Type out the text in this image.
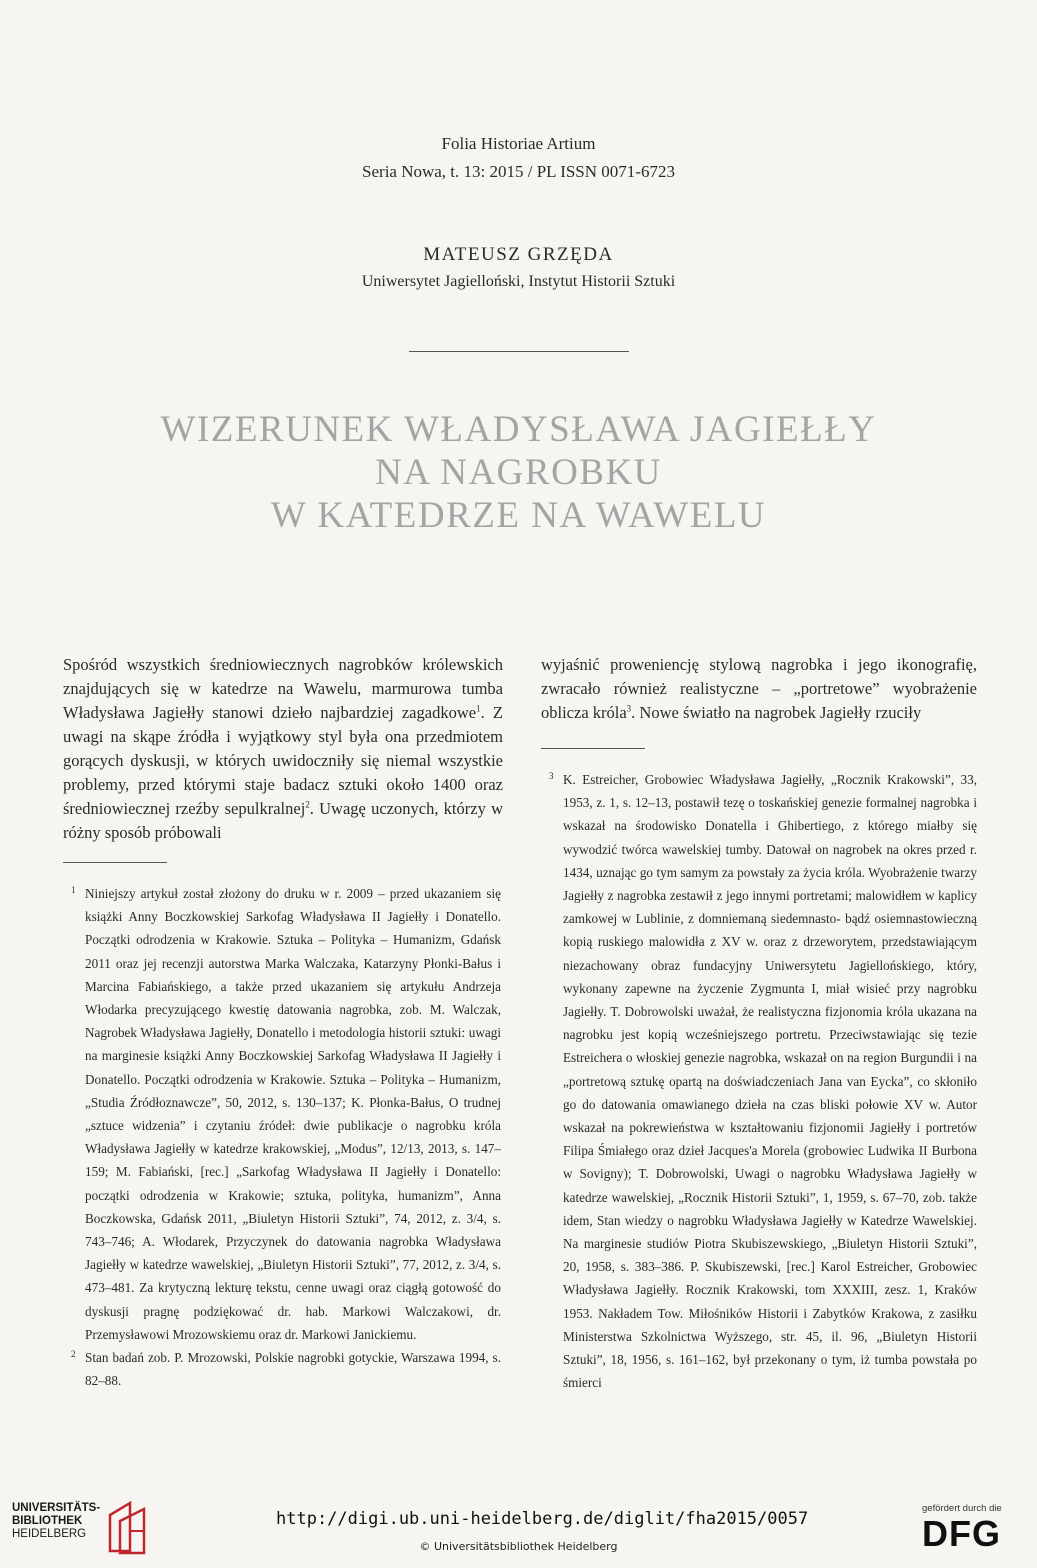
Folia Historiae Artium
Seria Nowa, t. 13: 2015 / PL ISSN 0071-6723
MATEUSZ GRZĘDA
Uniwersytet Jagielloński, Instytut Historii Sztuki
WIZERUNEK WŁADYSŁAWA JAGIEŁŁY
NA NAGROBKU
W KATEDRZE NA WAWELU
Spośród wszystkich średniowiecznych nagrobków królewskich znajdujących się w katedrze na Wawelu, marmurowa tumba Władysława Jagiełły stanowi dzieło najbardziej zagadkowe$^1$. Z uwagi na skąpe źródła i wyjątkowy styl była ona przedmiotem gorących dyskusji, w których uwidoczniły się niemal wszystkie problemy, przed którymi staje badacz sztuki około 1400 oraz średniowiecznej rzeźby sepulkralnej$^2$. Uwagę uczonych, którzy w różny sposób próbowali
wyjaśnić proweniencję stylową nagrobka i jego ikonografię, zwracało również realistyczne – „portretowe” wyobrażenie oblicza króla$^3$. Nowe światło na nagrobek Jagiełły rzuciły
1 Niniejszy artykuł został złożony do druku w r. 2009 – przed ukazaniem się książki Anny Boczkowskiej Sarkofag Władysława II Jagiełły i Donatello. Początki odrodzenia w Krakowie. Sztuka – Polityka – Humanizm, Gdańsk 2011 oraz jej recenzji autorstwa Marka Walczaka, Katarzyny Płonki-Bałus i Marcina Fabiańskiego, a także przed ukazaniem się artykułu Andrzeja Włodarka precyzującego kwestię datowania nagrobka, zob. M. Walczak, Nagrobek Władysława Jagiełły, Donatello i metodologia historii sztuki: uwagi na marginesie książki Anny Boczkowskiej Sarkofag Władysława II Jagiełły i Donatello. Początki odrodzenia w Krakowie. Sztuka – Polityka – Humanizm, „Studia Źródłoznawcze”, 50, 2012, s. 130–137; K. Płonka-Bałus, O trudnej „sztuce widzenia” i czytaniu źródeł: dwie publikacje o nagrobku króla Władysława Jagiełły w katedrze krakowskiej, „Modus”, 12/13, 2013, s. 147–159; M. Fabiański, [rec.] „Sarkofag Władysława II Jagiełły i Donatello: początki odrodzenia w Krakowie; sztuka, polityka, humanizm”, Anna Boczkowska, Gdańsk 2011, „Biuletyn Historii Sztuki”, 74, 2012, z. 3/4, s. 743–746; A. Włodarek, Przyczynek do datowania nagrobka Władysława Jagiełły w katedrze wawelskiej, „Biuletyn Historii Sztuki”, 77, 2012, z. 3/4, s. 473–481. Za krytyczną lekturę tekstu, cenne uwagi oraz ciągłą gotowość do dyskusji pragnę podziękować dr. hab. Markowi Walczakowi, dr. Przemysławowi Mrozowskiemu oraz dr. Markowi Janickiemu.
2 Stan badań zob. P. Mrozowski, Polskie nagrobki gotyckie, Warszawa 1994, s. 82–88.
3 K. Estreicher, Grobowiec Władysława Jagiełły, „Rocznik Krakowski”, 33, 1953, z. 1, s. 12–13, postawił tezę o toskańskiej genezie formalnej nagrobka i wskazał na środowisko Donatella i Ghibertiego, z którego miałby się wywodzić twórca wawelskiej tumby. Datował on nagrobek na okres przed r. 1434, uznając go tym samym za powstały za życia króla. Wyobrażenie twarzy Jagiełły z nagrobka zestawił z jego innymi portretami; malowidłem w kaplicy zamkowej w Lublinie, z domniemaną siedemnasto- bądź osiemnastowieczną kopią ruskiego malowidła z XV w. oraz z drzeworytem, przedstawiającym niezachowany obraz fundacyjny Uniwersytetu Jagiellońskiego, który, wykonany zapewne na życzenie Zygmunta I, miał wisieć przy nagrobku Jagiełły. T. Dobrowolski uważał, że realistyczna fizjonomia króla ukazana na nagrobku jest kopią wcześniejszego portretu. Przeciwstawiając się tezie Estreichera o włoskiej genezie nagrobka, wskazał on na region Burgundii i na „portretową sztukę opartą na doświadczeniach Jana van Eycka”, co skłoniło go do datowania omawianego dzieła na czas bliski połowie XV w. Autor wskazał na pokrewieństwa w kształtowaniu fizjonomii Jagiełły i portretów Filipa Śmiałego oraz dzieł Jacques'a Morela (grobowiec Ludwika II Burbona w Sovigny); T. Dobrowolski, Uwagi o nagrobku Władysława Jagiełły w katedrze wawelskiej, „Rocznik Historii Sztuki”, 1, 1959, s. 67–70, zob. także idem, Stan wiedzy o nagrobku Władysława Jagiełły w Katedrze Wawelskiej. Na marginesie studiów Piotra Skubiszewskiego, „Biuletyn Historii Sztuki”, 20, 1958, s. 383–386. P. Skubiszewski, [rec.] Karol Estreicher, Grobowiec Władysława Jagiełły. Rocznik Krakowski, tom XXXIII, zesz. 1, Kraków 1953. Nakładem Tow. Miłośników Historii i Zabytków Krakowa, z zasiłku Ministerstwa Szkolnictwa Wyższego, str. 45, il. 96, „Biuletyn Historii Sztuki”, 18, 1956, s. 161–162, był przekonany o tym, iż tumba powstała po śmierci
UNIVERSITÄTS-
BIBLIOTHEK
HEIDELBERG
http://digi.ub.uni-heidelberg.de/diglit/fha2015/0057
© Universitätsbibliothek Heidelberg
gefördert durch die
DFG
